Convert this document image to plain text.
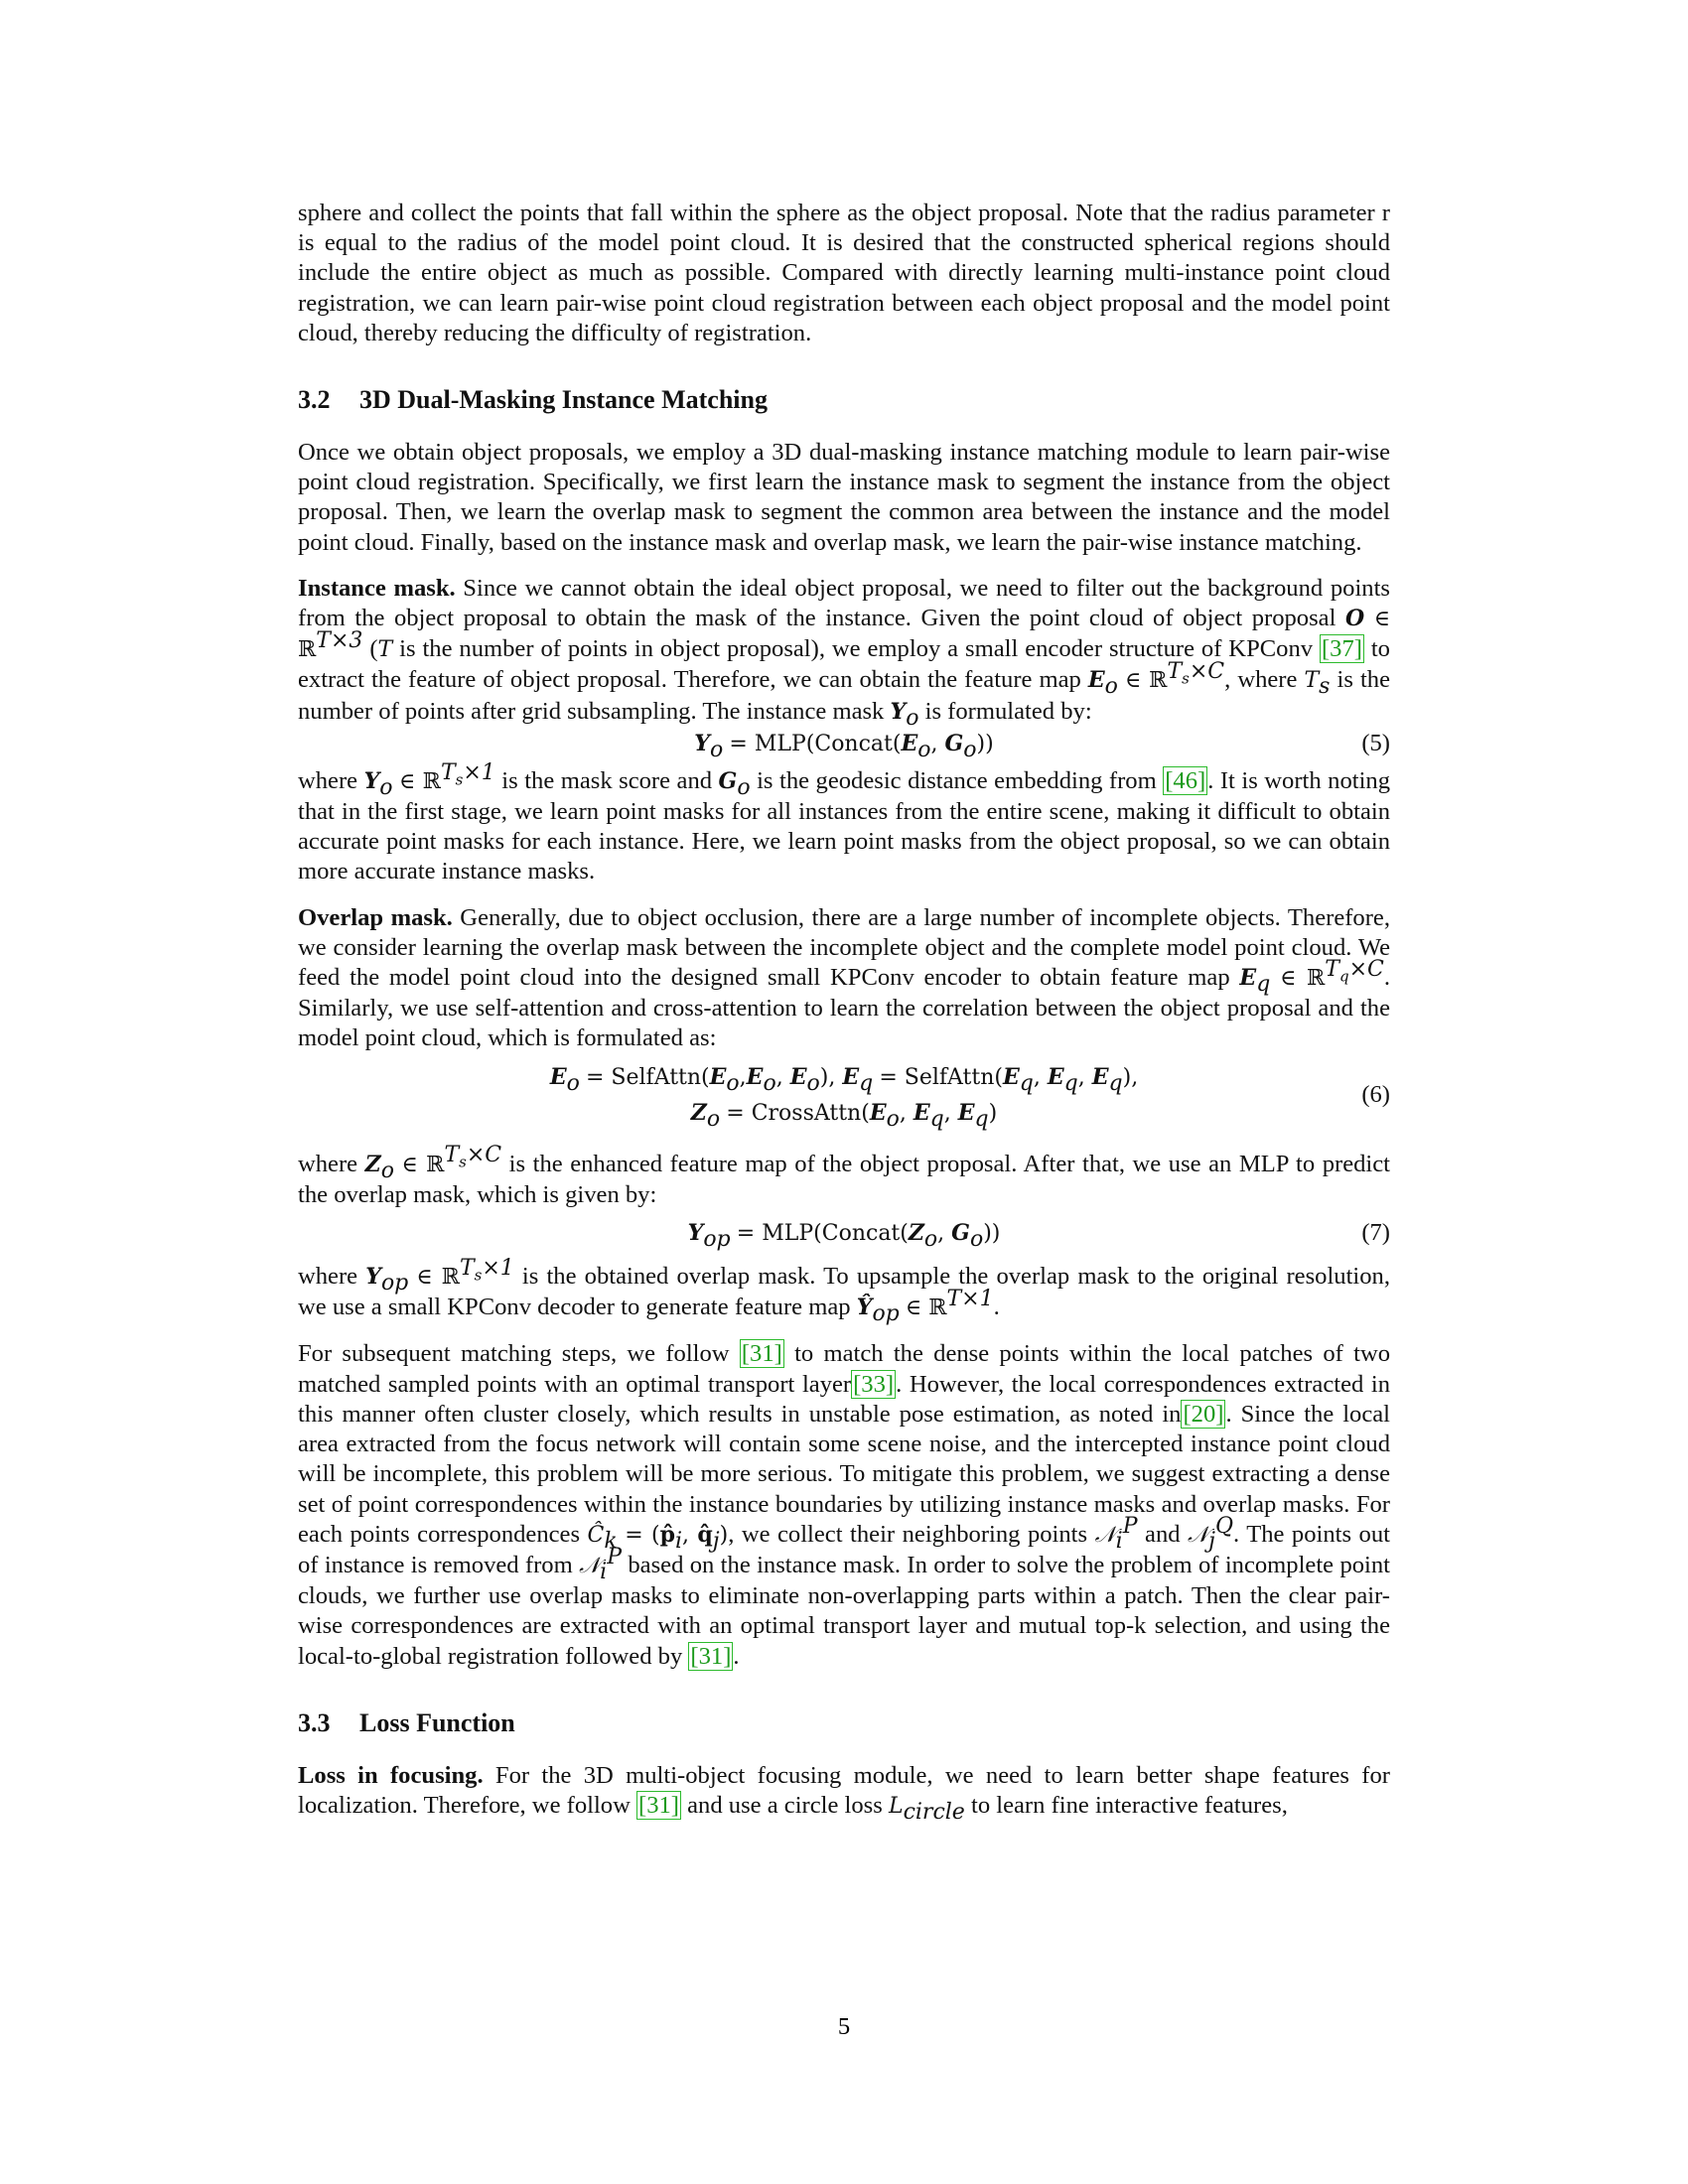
sphere and collect the points that fall within the sphere as the object proposal. Note that the radius parameter r is equal to the radius of the model point cloud. It is desired that the constructed spherical regions should include the entire object as much as possible. Compared with directly learning multi-instance point cloud registration, we can learn pair-wise point cloud registration between each object proposal and the model point cloud, thereby reducing the difficulty of registration.

3.2 3D Dual-Masking Instance Matching

Once we obtain object proposals, we employ a 3D dual-masking instance matching module to learn pair-wise point cloud registration. Specifically, we first learn the instance mask to segment the instance from the object proposal. Then, we learn the overlap mask to segment the common area between the instance and the model point cloud. Finally, based on the instance mask and overlap mask, we learn the pair-wise instance matching.

Instance mask. Since we cannot obtain the ideal object proposal, we need to filter out the background points from the object proposal to obtain the mask of the instance. Given the point cloud of object proposal O ∈ ℝ$^{T\times 3}$ (T is the number of points in object proposal), we employ a small encoder structure of KPConv [37] to extract the feature of object proposal. Therefore, we can obtain the feature map $E_o$ ∈ ℝ$^{T_s\times C}$, where $T_s$ is the number of points after grid subsampling. The instance mask $Y_o$ is formulated by:

$Y_o$ = $MLP(Concat(E_o$, $G_o$))	(5)

where $Y_o$ ∈ ℝ$^{T_s\times 1}$ is the mask score and $G_o$ is the geodesic distance embedding from [46]. It is worth noting that in the first stage, we learn point masks for all instances from the entire scene, making it difficult to obtain accurate point masks for each instance. Here, we learn point masks from the object proposal, so we can obtain more accurate instance masks.

Overlap mask. Generally, due to object occlusion, there are a large number of incomplete objects. Therefore, we consider learning the overlap mask between the incomplete object and the complete model point cloud. We feed the model point cloud into the designed small KPConv encoder to obtain feature map $E_q$ ∈ ℝ$^{T_q\times C}$. Similarly, we use self-attention and cross-attention to learn the correlation between the object proposal and the model point cloud, which is formulated as:

$E_o$ = $SelfAttn(E_o,E_o$, $E_o$), $E_q$ = $SelfAttn(E_q$, $E_q$, $E_q$),
$Z_o$ = $CrossAttn(E_o$, $E_q$, $E_q$)
(6)

where $Z_o$ ∈ ℝ$^{T_s\times C}$ is the enhanced feature map of the object proposal. After that, we use an MLP to predict the overlap mask, which is given by:

$Y_{op}$ = $MLP(Concat(Z_o$, $G_o$))	(7)

where $Y_{op}$ ∈ ℝ$^{T_s\times 1}$ is the obtained overlap mask. To upsample the overlap mask to the original resolution, we use a small KPConv decoder to generate feature map $Ŷ_{op}$ ∈ ℝ$^{T\times 1}$.

For subsequent matching steps, we follow [31] to match the dense points within the local patches of two matched sampled points with an optimal transport layer[33]. However, the local correspondences extracted in this manner often cluster closely, which results in unstable pose estimation, as noted in[20]. Since the local area extracted from the focus network will contain some scene noise, and the intercepted instance point cloud will be incomplete, this problem will be more serious. To mitigate this problem, we suggest extracting a dense set of point correspondences within the instance boundaries by utilizing instance masks and overlap masks. For each points correspondences $Ĉ_k$ = ($p̂_i$, $q̂_j$), we collect their neighboring points 𝒩$_i^P$ and 𝒩$_j^Q$. The points out of instance is removed from 𝒩$_i^P$ based on the instance mask. In order to solve the problem of incomplete point clouds, we further use overlap masks to eliminate non-overlapping parts within a patch. Then the clear pair-wise correspondences are extracted with an optimal transport layer and mutual top-k selection, and using the local-to-global registration followed by [31].

3.3 Loss Function

Loss in focusing. For the 3D multi-object focusing module, we need to learn better shape features for localization. Therefore, we follow [31] and use a circle loss $L_{circle}$ to learn fine interactive features,

5
